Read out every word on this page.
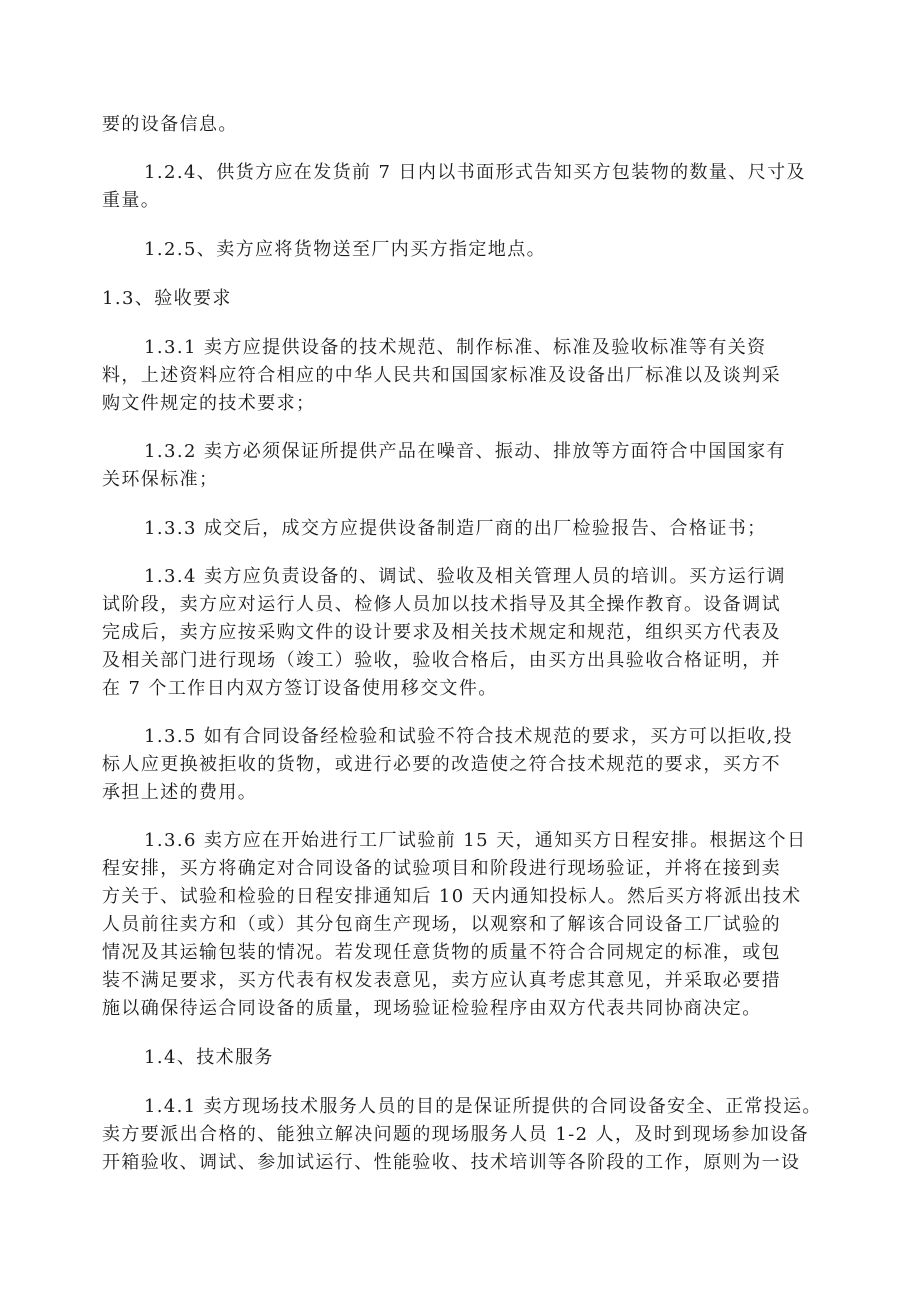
要的设备信息。
1.2.4、供货方应在发货前 7 日内以书面形式告知买方包装物的数量、尺寸及
重量。
1.2.5、卖方应将货物送至厂内买方指定地点。
1.3、验收要求
1.3.1 卖方应提供设备的技术规范、制作标准、标准及验收标准等有关资
料，上述资料应符合相应的中华人民共和国国家标准及设备出厂标准以及谈判采
购文件规定的技术要求；
1.3.2 卖方必须保证所提供产品在噪音、振动、排放等方面符合中国国家有
关环保标准；
1.3.3 成交后，成交方应提供设备制造厂商的出厂检验报告、合格证书；
1.3.4 卖方应负责设备的、调试、验收及相关管理人员的培训。买方运行调
试阶段，卖方应对运行人员、检修人员加以技术指导及其全操作教育。设备调试
完成后，卖方应按采购文件的设计要求及相关技术规定和规范，组织买方代表及
及相关部门进行现场（竣工）验收，验收合格后，由买方出具验收合格证明，并
在 7 个工作日内双方签订设备使用移交文件。
1.3.5 如有合同设备经检验和试验不符合技术规范的要求，买方可以拒收,投
标人应更换被拒收的货物，或进行必要的改造使之符合技术规范的要求，买方不
承担上述的费用。
1.3.6 卖方应在开始进行工厂试验前 15 天，通知买方日程安排。根据这个日
程安排，买方将确定对合同设备的试验项目和阶段进行现场验证，并将在接到卖
方关于、试验和检验的日程安排通知后 10 天内通知投标人。然后买方将派出技术
人员前往卖方和（或）其分包商生产现场，以观察和了解该合同设备工厂试验的
情况及其运输包装的情况。若发现任意货物的质量不符合合同规定的标准，或包
装不满足要求，买方代表有权发表意见，卖方应认真考虑其意见，并采取必要措
施以确保待运合同设备的质量，现场验证检验程序由双方代表共同协商决定。
1.4、技术服务
1.4.1 卖方现场技术服务人员的目的是保证所提供的合同设备安全、正常投运。
卖方要派出合格的、能独立解决问题的现场服务人员 1-2 人，及时到现场参加设备
开箱验收、调试、参加试运行、性能验收、技术培训等各阶段的工作，原则为一设
